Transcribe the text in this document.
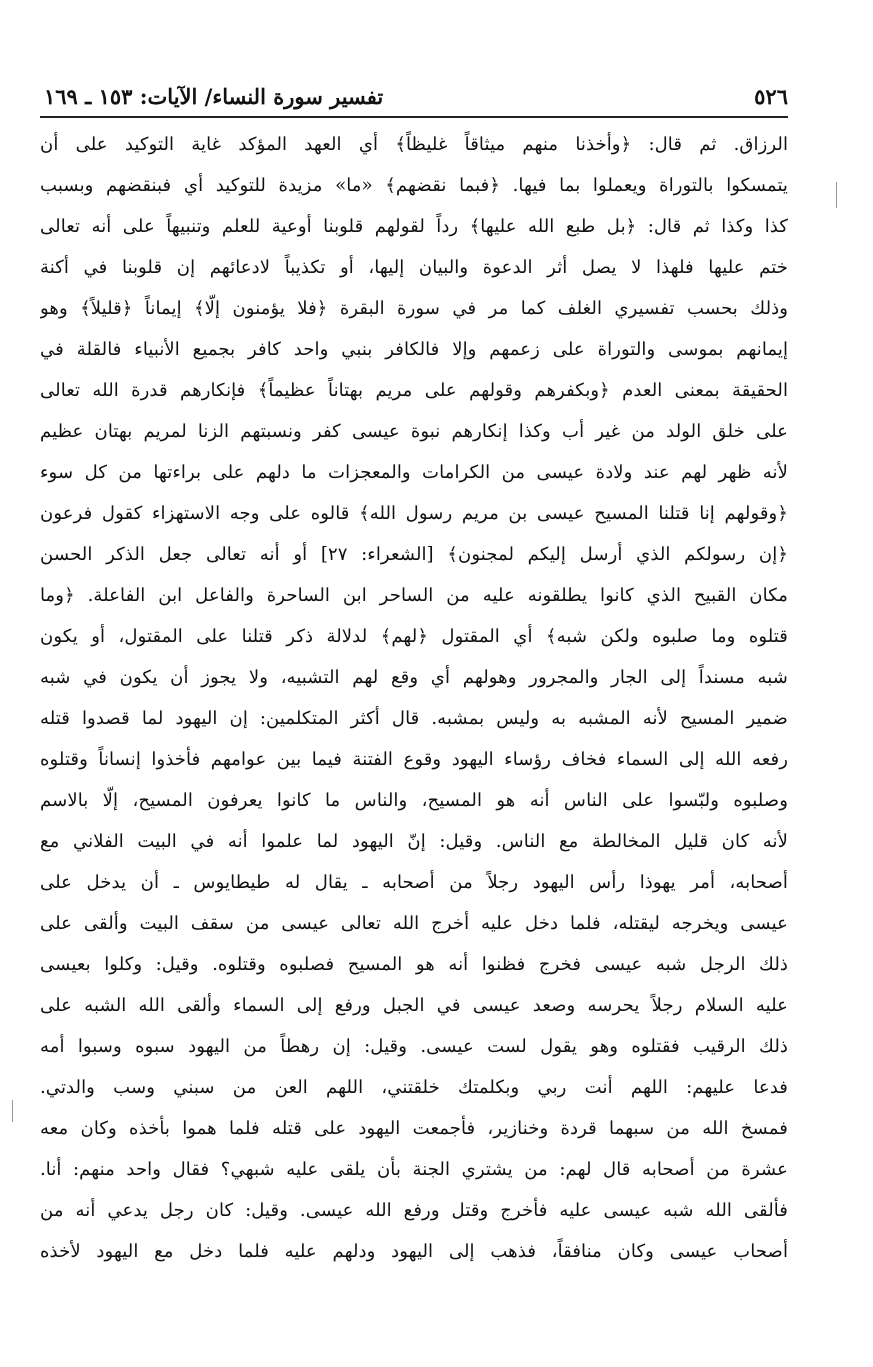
٥٢٦
تفسير سورة النساء/ الآيات: ١٥٣ ـ ١٦٩
الرزاق. ثم قال: ﴿وأخذنا منهم ميثاقاً غليظاً﴾ أي العهد المؤكد غاية التوكيد على أن
يتمسكوا بالتوراة ويعملوا بما فيها. ﴿فبما نقضهم﴾ «ما» مزيدة للتوكيد أي فبنقضهم وبسبب
كذا وكذا ثم قال: ﴿بل طبع الله عليها﴾ رداً لقولهم قلوبنا أوعية للعلم وتنبيهاً على أنه تعالى
ختم عليها فلهذا لا يصل أثر الدعوة والبيان إليها، أو تكذيباً لادعائهم إن قلوبنا في أكنة
وذلك بحسب تفسيري الغلف كما مر في سورة البقرة ﴿فلا يؤمنون إلّا﴾ إيماناً ﴿قليلاً﴾ وهو
إيمانهم بموسى والتوراة على زعمهم وإلا فالكافر بنبي واحد كافر بجميع الأنبياء فالقلة في
الحقيقة بمعنى العدم ﴿وبكفرهم وقولهم على مريم بهتاناً عظيماً﴾ فإنكارهم قدرة الله تعالى
على خلق الولد من غير أب وكذا إنكارهم نبوة عيسى كفر ونسبتهم الزنا لمريم بهتان عظيم
لأنه ظهر لهم عند ولادة عيسى من الكرامات والمعجزات ما دلهم على براءتها من كل سوء
﴿وقولهم إنا قتلنا المسيح عيسى بن مريم رسول الله﴾ قالوه على وجه الاستهزاء كقول فرعون
﴿إن رسولكم الذي أرسل إليكم لمجنون﴾ [الشعراء: ٢٧] أو أنه تعالى جعل الذكر الحسن
مكان القبيح الذي كانوا يطلقونه عليه من الساحر ابن الساحرة والفاعل ابن الفاعلة. ﴿وما
قتلوه وما صلبوه ولكن شبه﴾ أي المقتول ﴿لهم﴾ لدلالة ذكر قتلنا على المقتول، أو يكون
شبه مسنداً إلى الجار والمجرور وهولهم أي وقع لهم التشبيه، ولا يجوز أن يكون في شبه
ضمير المسيح لأنه المشبه به وليس بمشبه. قال أكثر المتكلمين: إن اليهود لما قصدوا قتله
رفعه الله إلى السماء فخاف رؤساء اليهود وقوع الفتنة فيما بين عوامهم فأخذوا إنساناً وقتلوه
وصلبوه ولبّسوا على الناس أنه هو المسيح، والناس ما كانوا يعرفون المسيح، إلّا بالاسم
لأنه كان قليل المخالطة مع الناس. وقيل: إنّ اليهود لما علموا أنه في البيت الفلاني مع
أصحابه، أمر يهوذا رأس اليهود رجلاً من أصحابه ـ يقال له طيطايوس ـ أن يدخل على
عيسى ويخرجه ليقتله، فلما دخل عليه أخرج الله تعالى عيسى من سقف البيت وألقى على
ذلك الرجل شبه عيسى فخرج فظنوا أنه هو المسيح فصلبوه وقتلوه. وقيل: وكلوا بعيسى
عليه السلام رجلاً يحرسه وصعد عيسى في الجبل ورفع إلى السماء وألقى الله الشبه على
ذلك الرقيب فقتلوه وهو يقول لست عيسى. وقيل: إن رهطاً من اليهود سبوه وسبوا أمه
فدعا عليهم: اللهم أنت ربي وبكلمتك خلقتني، اللهم العن من سبني وسب والدتي.
فمسخ الله من سبهما قردة وخنازير، فأجمعت اليهود على قتله فلما هموا بأخذه وكان معه
عشرة من أصحابه قال لهم: من يشتري الجنة بأن يلقى عليه شبهي؟ فقال واحد منهم: أنا.
فألقى الله شبه عيسى عليه فأخرج وقتل ورفع الله عيسى. وقيل: كان رجل يدعي أنه من
أصحاب عيسى وكان منافقاً، فذهب إلى اليهود ودلهم عليه فلما دخل مع اليهود لأخذه
